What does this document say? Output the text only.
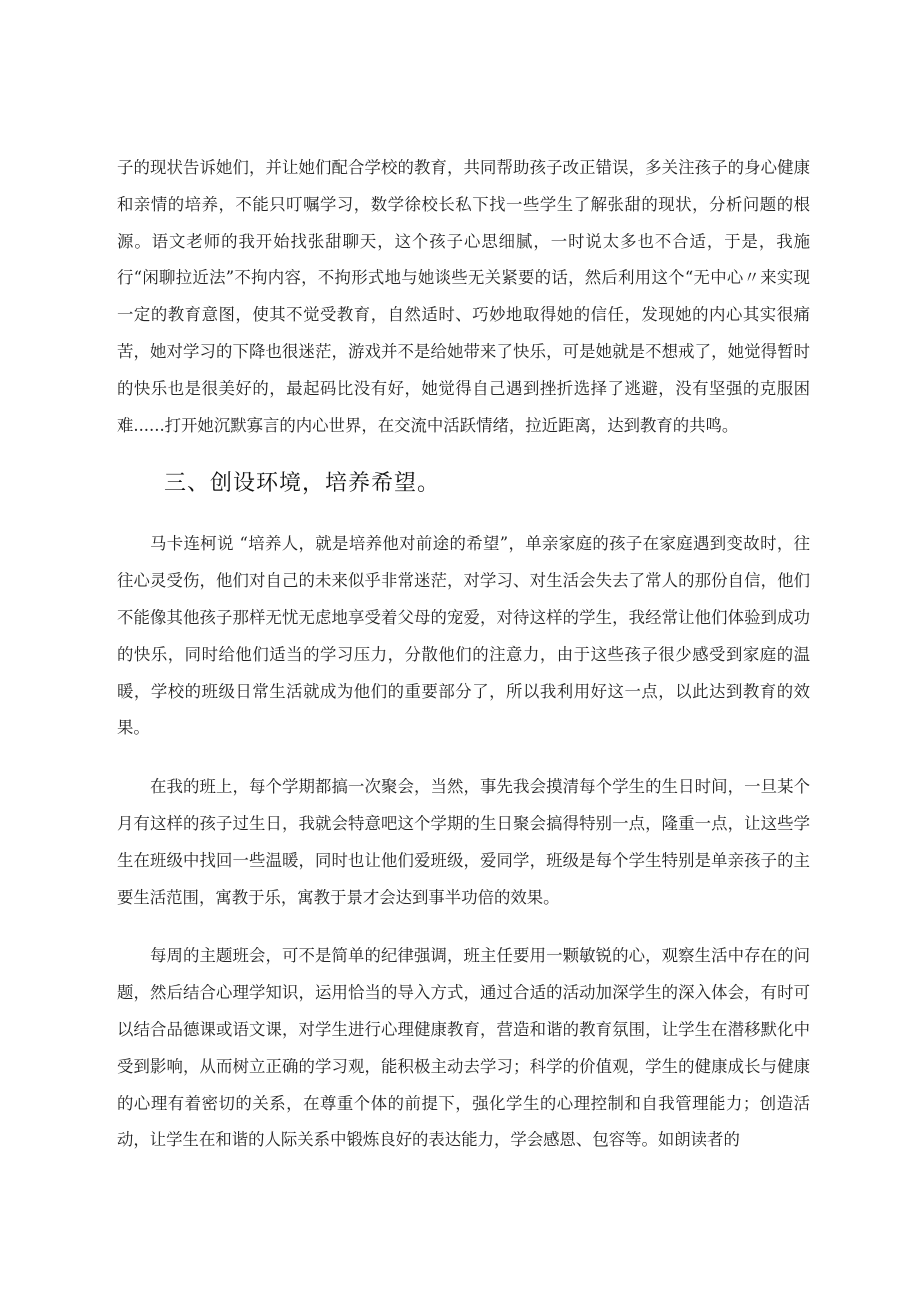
子的现状告诉她们，并让她们配合学校的教育，共同帮助孩子改正错误，多关注孩子的身心健康和亲情的培养，不能只叮嘱学习，数学徐校长私下找一些学生了解张甜的现状，分析问题的根源。语文老师的我开始找张甜聊天，这个孩子心思细腻，一时说太多也不合适，于是，我施行“闲聊拉近法”不拘内容，不拘形式地与她谈些无关紧要的话，然后利用这个“无中心〃来实现一定的教育意图，使其不觉受教育，自然适时、巧妙地取得她的信任，发现她的内心其实很痛苦，她对学习的下降也很迷茫，游戏并不是给她带来了快乐，可是她就是不想戒了，她觉得暂时的快乐也是很美好的，最起码比没有好，她觉得自己遇到挫折选择了逃避，没有坚强的克服困难......打开她沉默寡言的内心世界，在交流中活跃情绪，拉近距离，达到教育的共鸣。

三、创设环境，培养希望。

马卡连柯说 “培养人，就是培养他对前途的希望”，单亲家庭的孩子在家庭遇到变故时，往往心灵受伤，他们对自己的未来似乎非常迷茫，对学习、对生活会失去了常人的那份自信，他们不能像其他孩子那样无忧无虑地享受着父母的宠爱，对待这样的学生，我经常让他们体验到成功的快乐，同时给他们适当的学习压力，分散他们的注意力，由于这些孩子很少感受到家庭的温暖，学校的班级日常生活就成为他们的重要部分了，所以我利用好这一点，以此达到教育的效果。

在我的班上，每个学期都搞一次聚会，当然，事先我会摸清每个学生的生日时间，一旦某个月有这样的孩子过生日，我就会特意吧这个学期的生日聚会搞得特别一点，隆重一点，让这些学生在班级中找回一些温暖，同时也让他们爱班级，爱同学，班级是每个学生特别是单亲孩子的主要生活范围，寓教于乐，寓教于景才会达到事半功倍的效果。

每周的主题班会，可不是简单的纪律强调，班主任要用一颗敏锐的心，观察生活中存在的问题，然后结合心理学知识，运用恰当的导入方式，通过合适的活动加深学生的深入体会，有时可以结合品德课或语文课，对学生进行心理健康教育，营造和谐的教育氛围，让学生在潜移默化中受到影响，从而树立正确的学习观，能积极主动去学习；科学的价值观，学生的健康成长与健康的心理有着密切的关系，在尊重个体的前提下，强化学生的心理控制和自我管理能力；创造活动，让学生在和谐的人际关系中锻炼良好的表达能力，学会感恩、包容等。如朗读者的
